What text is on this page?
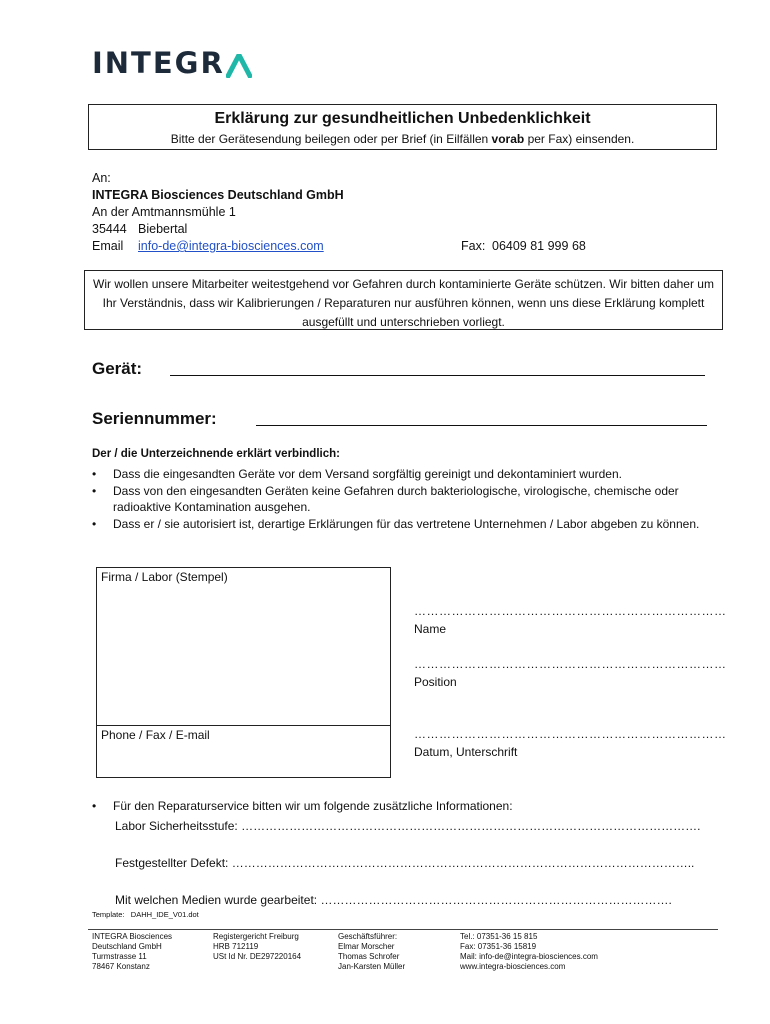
INTEGR
Erklärung zur gesundheitlichen Unbedenklichkeit
Bitte der Gerätesendung beilegen oder per Brief (in Eilfällen vorab per Fax) einsenden.
An:
INTEGRA Biosciences Deutschland GmbH
An der Amtmannsmühle 1
35444 Biebertal
Email info-de@integra-biosciences.com	Fax: 06409 81 999 68
Wir wollen unsere Mitarbeiter weitestgehend vor Gefahren durch kontaminierte Geräte schützen. Wir bitten daher um Ihr Verständnis, dass wir Kalibrierungen / Reparaturen nur ausführen können, wenn uns diese Erklärung komplett ausgefüllt und unterschrieben vorliegt.
Gerät:
Seriennummer:
Der / die Unterzeichnende erklärt verbindlich:
•	Dass die eingesandten Geräte vor dem Versand sorgfältig gereinigt und dekontaminiert wurden.
•	Dass von den eingesandten Geräten keine Gefahren durch bakteriologische, virologische, chemische oder radioaktive Kontamination ausgehen.
•	Dass er / sie autorisiert ist, derartige Erklärungen für das vertretene Unternehmen / Labor abgeben zu können.
Firma / Labor (Stempel)
Phone / Fax / E-mail
…………………………………………………………………
Name
…………………………………………………………………
Position
…………………………………………………………………
Datum, Unterschrift
•	Für den Reparaturservice bitten wir um folgende zusätzliche Informationen:
Labor Sicherheitsstufe: …………………………………………………………………………………………………….
Festgestellter Defekt: ……………………………………………………………………………………………………..
Mit welchen Medien wurde gearbeitet: …………………………………………………………………………….
Template: DAHH_IDE_V01.dot
INTEGRA Biosciences
Deutschland GmbH
Turmstrasse 11
78467 Konstanz
Registergericht Freiburg
HRB 712119
USt Id Nr. DE297220164
Geschäftsführer:
Elmar Morscher
Thomas Schrofer
Jan-Karsten Müller
Tel.: 07351-36 15 815
Fax: 07351-36 15819
Mail: info-de@integra-biosciences.com
www.integra-biosciences.com
